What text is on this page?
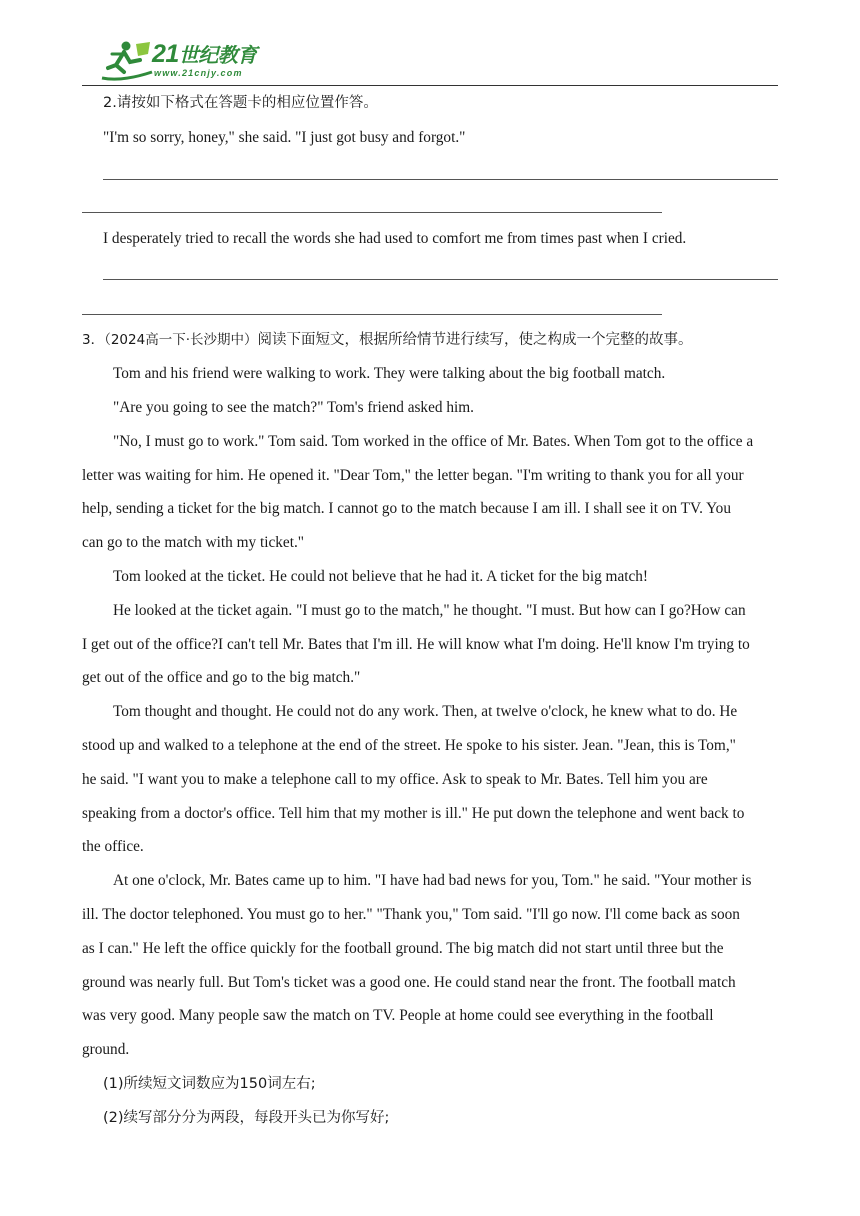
21世纪教育
www.21cnjy.com
2.请按如下格式在答题卡的相应位置作答。
"I'm so sorry, honey," she said. "I just got busy and forgot."
I desperately tried to recall the words she had used to comfort me from times past when I cried.
3．（2024高一下·长沙期中）阅读下面短文，根据所给情节进行续写，使之构成一个完整的故事。
Tom and his friend were walking to work. They were talking about the big football match.
"Are you going to see the match?" Tom's friend asked him.
"No, I must go to work." Tom said. Tom worked in the office of Mr. Bates. When Tom got to the office a
letter was waiting for him. He opened it. "Dear Tom," the letter began. "I'm writing to thank you for all your
help, sending a ticket for the big match. I cannot go to the match because I am ill. I shall see it on TV. You
can go to the match with my ticket."
Tom looked at the ticket. He could not believe that he had it. A ticket for the big match!
He looked at the ticket again. "I must go to the match," he thought. "I must. But how can I go?How can
I get out of the office?I can't tell Mr. Bates that I'm ill. He will know what I'm doing. He'll know I'm trying to
get out of the office and go to the big match."
Tom thought and thought. He could not do any work. Then, at twelve o'clock, he knew what to do. He
stood up and walked to a telephone at the end of the street. He spoke to his sister. Jean. "Jean, this is Tom,"
he said. "I want you to make a telephone call to my office. Ask to speak to Mr. Bates. Tell him you are
speaking from a doctor's office. Tell him that my mother is ill." He put down the telephone and went back to
the office.
At one o'clock, Mr. Bates came up to him. "I have had bad news for you, Tom." he said. "Your mother is
ill. The doctor telephoned. You must go to her." "Thank you," Tom said. "I'll go now. I'll come back as soon
as I can." He left the office quickly for the football ground. The big match did not start until three but the
ground was nearly full. But Tom's ticket was a good one. He could stand near the front. The football match
was very good. Many people saw the match on TV. People at home could see everything in the football
ground.
(1)所续短文词数应为150词左右;
(2)续写部分分为两段，每段开头已为你写好;
